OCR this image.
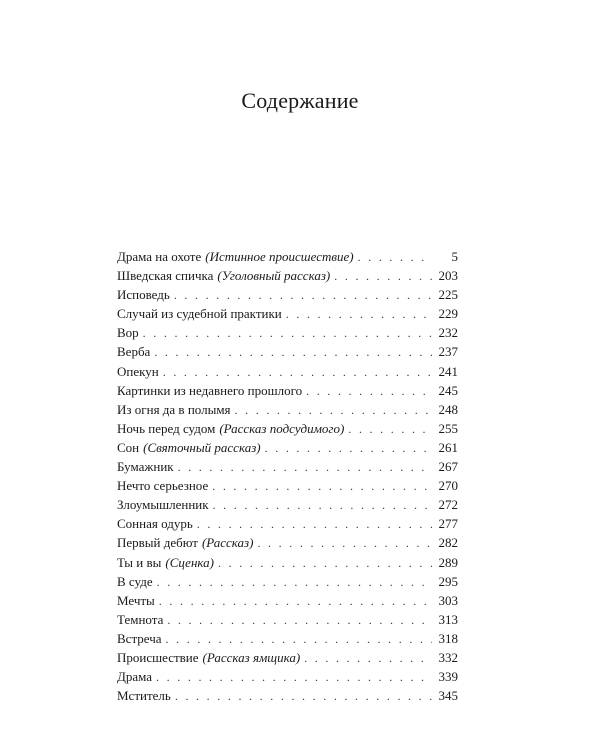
Содержание
Драма на охоте (Истинное происшествие) . . .	5
Шведская спичка (Уголовный рассказ) . . .	203
Исповедь . . .	225
Случай из судебной практики . . .	229
Вор . . .	232
Верба . . .	237
Опекун . . .	241
Картинки из недавнего прошлого . . .	245
Из огня да в полымя . . .	248
Ночь перед судом (Рассказ подсудимого) . . .	255
Сон (Святочный рассказ) . . .	261
Бумажник . . .	267
Нечто серьезное . . .	270
Злоумышленник . . .	272
Сонная одурь . . .	277
Первый дебют (Рассказ) . . .	282
Ты и вы (Сценка) . . .	289
В суде . . .	295
Мечты . . .	303
Темнота . . .	313
Встреча . . .	318
Происшествие (Рассказ ямщика) . . .	332
Драма . . .	339
Мститель . . .	345
